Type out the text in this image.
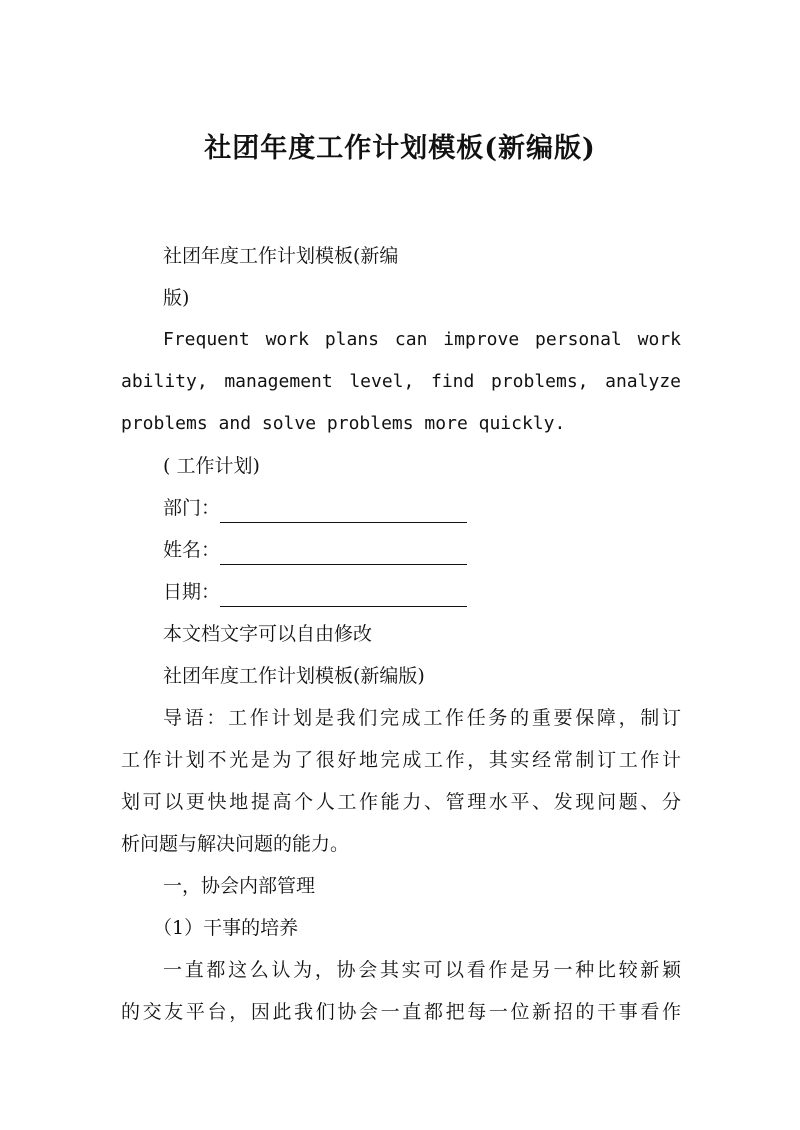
社团年度工作计划模板(新编版)
社团年度工作计划模板(新编
版)
Frequent work plans can improve personal work
ability, management level, find problems, analyze
problems and solve problems more quickly.
( 工作计划)
部门：
姓名：
日期：
本文档文字可以自由修改
社团年度工作计划模板(新编版)
导语：工作计划是我们完成工作任务的重要保障，制订
工作计划不光是为了很好地完成工作，其实经常制订工作计
划可以更快地提高个人工作能力、管理水平、发现问题、分
析问题与解决问题的能力。
一，协会内部管理
（1）干事的培养
一直都这么认为，协会其实可以看作是另一种比较新颖
的交友平台，因此我们协会一直都把每一位新招的干事看作
